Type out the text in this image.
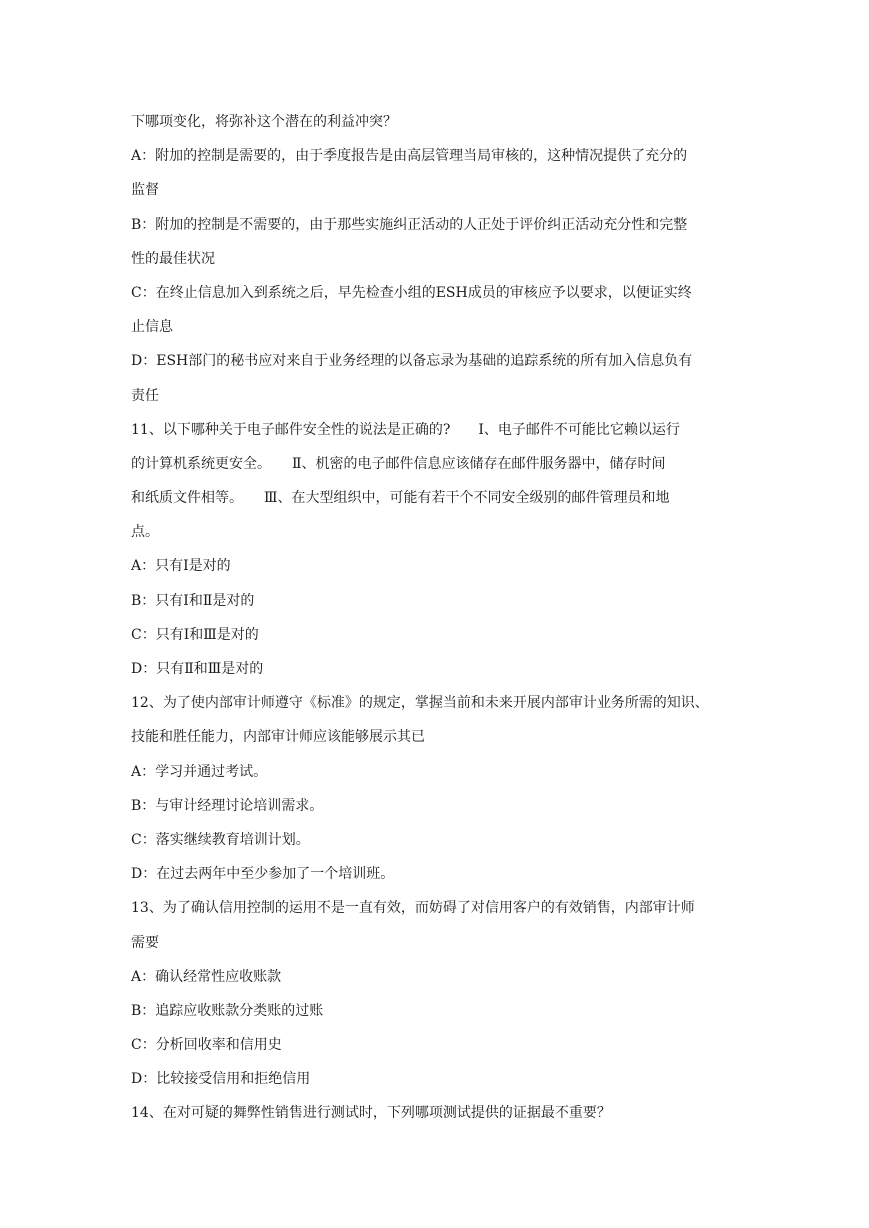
下哪项变化，将弥补这个潜在的利益冲突？
A：附加的控制是需要的，由于季度报告是由高层管理当局审核的，这种情况提供了充分的
监督
B：附加的控制是不需要的，由于那些实施纠正活动的人正处于评价纠正活动充分性和完整
性的最佳状况
C：在终止信息加入到系统之后，早先检查小组的ESH成员的审核应予以要求，以便证实终
止信息
D：ESH部门的秘书应对来自于业务经理的以备忘录为基础的追踪系统的所有加入信息负有
责任
11、以下哪种关于电子邮件安全性的说法是正确的?　　Ⅰ、电子邮件不可能比它赖以运行
的计算机系统更安全。　　Ⅱ、机密的电子邮件信息应该储存在邮件服务器中，储存时间
和纸质文件相等。　　Ⅲ、在大型组织中，可能有若干个不同安全级别的邮件管理员和地
点。
A：只有Ⅰ是对的
B：只有Ⅰ和Ⅱ是对的
C：只有Ⅰ和Ⅲ是对的
D：只有Ⅱ和Ⅲ是对的
12、为了使内部审计师遵守《标准》的规定，掌握当前和未来开展内部审计业务所需的知识、
技能和胜任能力，内部审计师应该能够展示其已
A：学习并通过考试。
B：与审计经理讨论培训需求。
C：落实继续教育培训计划。
D：在过去两年中至少参加了一个培训班。
13、为了确认信用控制的运用不是一直有效，而妨碍了对信用客户的有效销售，内部审计师
需要
A：确认经常性应收账款
B：追踪应收账款分类账的过账
C：分析回收率和信用史
D：比较接受信用和拒绝信用
14、在对可疑的舞弊性销售进行测试时，下列哪项测试提供的证据最不重要？
